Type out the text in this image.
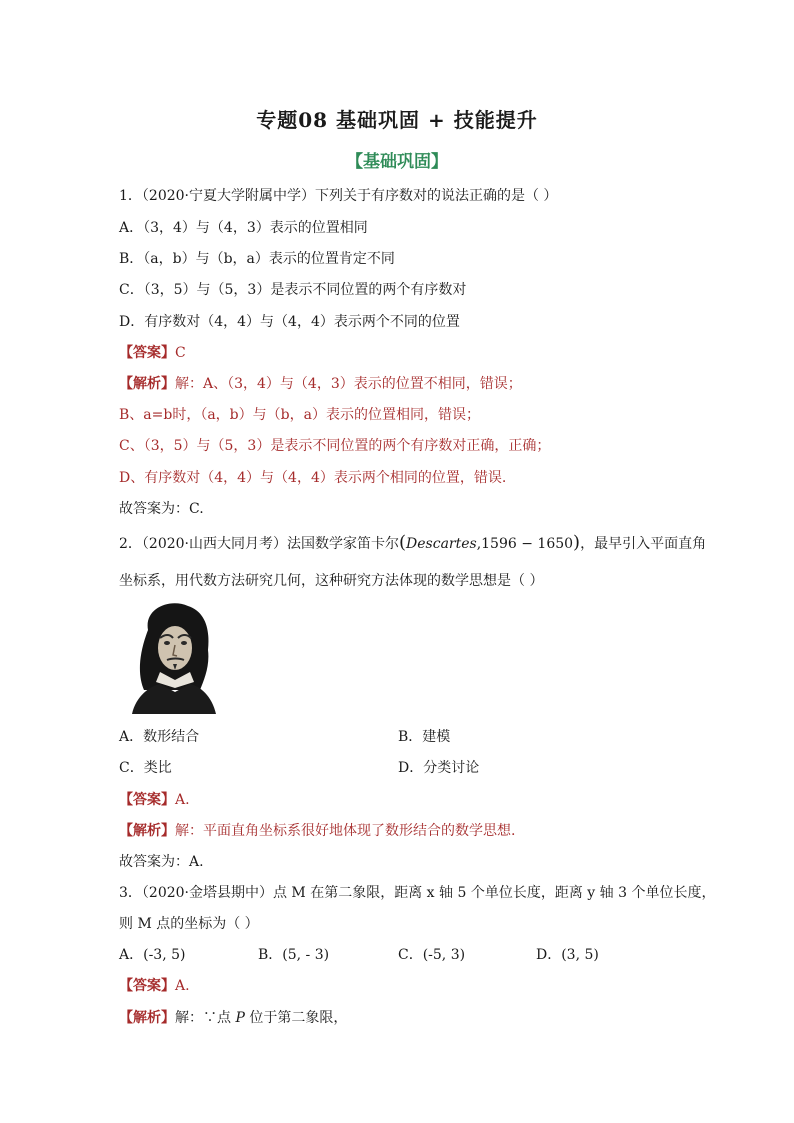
专题08 基础巩固 + 技能提升
【基础巩固】
1．（2020·宁夏大学附属中学）下列关于有序数对的说法正确的是（ ）
A．（3，4）与（4，3）表示的位置相同
B．（a，b）与（b，a）表示的位置肯定不同
C．（3，5）与（5，3）是表示不同位置的两个有序数对
D．有序数对（4，4）与（4，4）表示两个不同的位置
【答案】C
【解析】解：A、（3，4）与（4，3）表示的位置不相同，错误；
B、a=b时，（a，b）与（b，a）表示的位置相同，错误；
C、（3，5）与（5，3）是表示不同位置的两个有序数对正确，正确；
D、有序数对（4，4）与（4，4）表示两个相同的位置，错误.
故答案为：C.
2．（2020·山西大同月考）法国数学家笛卡尔(Descartes,1596 − 1650)，最早引入平面直角
坐标系，用代数方法研究几何，这种研究方法体现的数学思想是（ ）
A．数形结合	B．建模
C．类比	D．分类讨论
【答案】A.
【解析】解：平面直角坐标系很好地体现了数形结合的数学思想.
故答案为：A.
3．（2020·金塔县期中）点 M 在第二象限，距离 x 轴 5 个单位长度，距离 y 轴 3 个单位长度，
则 M 点的坐标为（ ）
A．(-3, 5)	B．(5, - 3)	C．(-5, 3)	D．(3, 5)
【答案】A.
【解析】解：∵点 P 位于第二象限，
